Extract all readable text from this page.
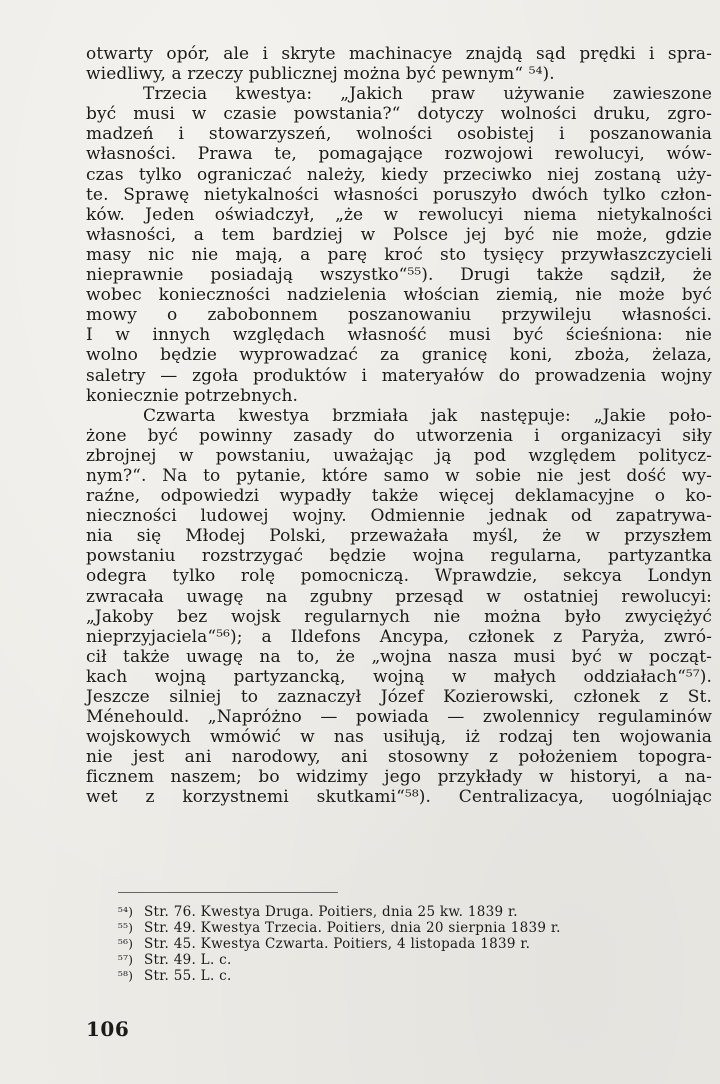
otwarty opór, ale i skryte machinacye znajdą sąd prędki i spra-
wiedliwy, a rzeczy publicznej można być pewnym“ ⁵⁴).
Trzecia kwestya: „Jakich praw używanie zawieszone
być musi w czasie powstania?“ dotyczy wolności druku, zgro-
madzeń i stowarzyszeń, wolności osobistej i poszanowania
własności. Prawa te, pomagające rozwojowi rewolucyi, wów-
czas tylko ograniczać należy, kiedy przeciwko niej zostaną uży-
te. Sprawę nietykalności własności poruszyło dwóch tylko człon-
ków. Jeden oświadczył, „że w rewolucyi niema nietykalności
własności, a tem bardziej w Polsce jej być nie może, gdzie
masy nic nie mają, a parę kroć sto tysięcy przywłaszczycieli
nieprawnie posiadają wszystko“⁵⁵). Drugi także sądził, że
wobec konieczności nadzielenia włościan ziemią, nie może być
mowy o zabobonnem poszanowaniu przywileju własności.
I w innych względach własność musi być ścieśniona: nie
wolno będzie wyprowadzać za granicę koni, zboża, żelaza,
saletry — zgoła produktów i materyałów do prowadzenia wojny
koniecznie potrzebnych.
Czwarta kwestya brzmiała jak następuje: „Jakie poło-
żone być powinny zasady do utworzenia i organizacyi siły
zbrojnej w powstaniu, uważając ją pod względem politycz-
nym?“. Na to pytanie, które samo w sobie nie jest dość wy-
raźne, odpowiedzi wypadły także więcej deklamacyjne o ko-
nieczności ludowej wojny. Odmiennie jednak od zapatrywa-
nia się Młodej Polski, przeważała myśl, że w przyszłem
powstaniu rozstrzygać będzie wojna regularna, partyzantka
odegra tylko rolę pomocniczą. Wprawdzie, sekcya Londyn
zwracała uwagę na zgubny przesąd w ostatniej rewolucyi:
„Jakoby bez wojsk regularnych nie można było zwyciężyć
nieprzyjaciela“⁵⁶); a Ildefons Ancypa, członek z Paryża, zwró-
cił także uwagę na to, że „wojna nasza musi być w począt-
kach wojną partyzancką, wojną w małych oddziałach“⁵⁷).
Jeszcze silniej to zaznaczył Józef Kozierowski, członek z St.
Ménehould. „Napróżno — powiada — zwolennicy regulaminów
wojskowych wmówić w nas usiłują, iż rodzaj ten wojowania
nie jest ani narodowy, ani stosowny z położeniem topogra-
ficznem naszem; bo widzimy jego przykłady w historyi, a na-
wet z korzystnemi skutkami“⁵⁸). Centralizacya, uogólniając
⁵⁴) Str. 76. Kwestya Druga. Poitiers, dnia 25 kw. 1839 r.
⁵⁵) Str. 49. Kwestya Trzecia. Poitiers, dnia 20 sierpnia 1839 r.
⁵⁶) Str. 45. Kwestya Czwarta. Poitiers, 4 listopada 1839 r.
⁵⁷) Str. 49. L. c.
⁵⁸) Str. 55. L. c.
106
